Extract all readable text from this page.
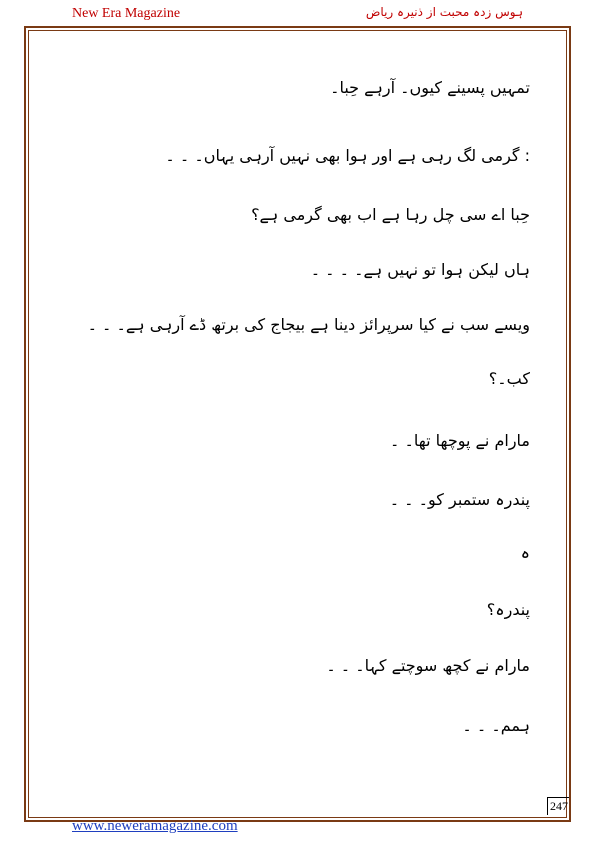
New Era Magazine	ہوس زدہ محبت از ذنیرہ ریاض
تمہیں پسینے کیوں۔ آرہے حِبا۔
: گرمی لگ رہی ہے اور ہوا بھی نہیں آرہی یہاں۔ ۔ ۔
حِبا اے سی چل رہا ہے اب بھی گرمی ہے؟
ہاں لیکن ہوا تو نہیں ہے۔ ۔ ۔ ۔
ویسے سب نے کیا سرپرائز دینا ہے بیجاج کی برتھ ڈے آرہی ہے۔ ۔ ۔
کب۔؟
مارام نے پوچھا تھا۔ ۔
پندرہ ستمبر کو۔ ۔ ۔
ہ
پندرہ؟
مارام نے کچھ سوچتے کہا۔ ۔ ۔
ہمم۔ ۔ ۔
247
www.neweramagazine.com
